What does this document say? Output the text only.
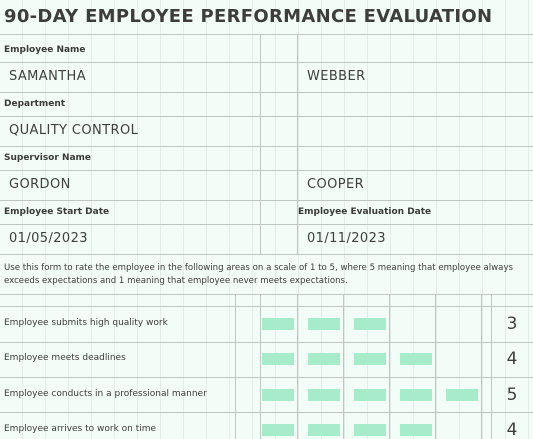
90-DAY EMPLOYEE PERFORMANCE EVALUATION
Employee Name
SAMANTHA	WEBBER
Department
QUALITY CONTROL
Supervisor Name
GORDON	COOPER
Employee Start Date	Employee Evaluation Date
01/05/2023	01/11/2023
Use this form to rate the employee in the following areas on a scale of 1 to 5, where 5 meaning that employee always exceeds expectations and 1 meaning that employee never meets expectations.
Employee submits high quality work	3
Employee meets deadlines	4
Employee conducts in a professional manner	5
Employee arrives to work on time	4
